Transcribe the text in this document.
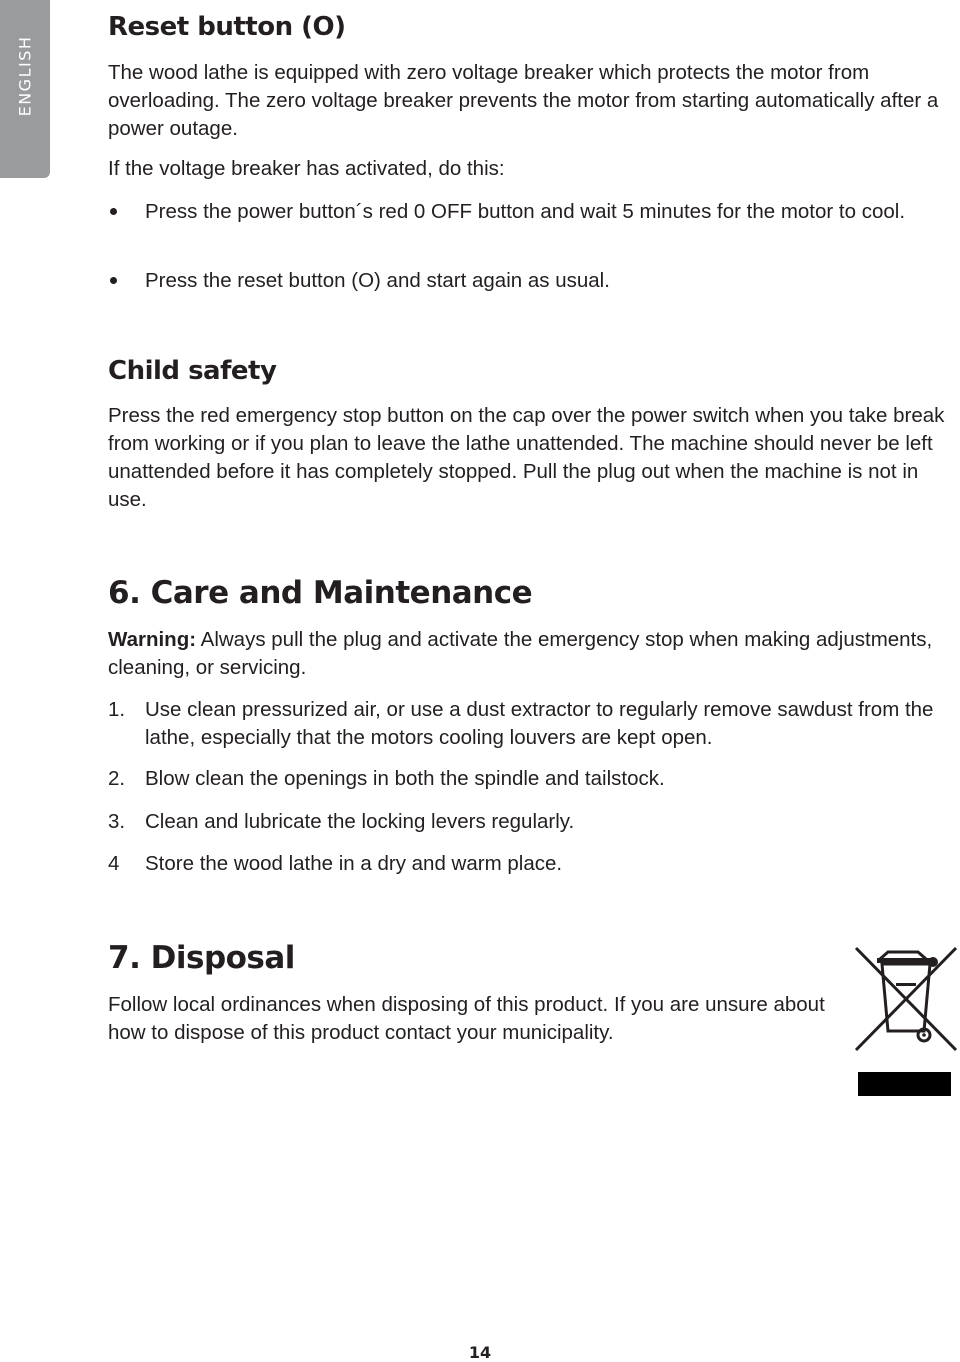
ENGLISH
Reset button (O)

The wood lathe is equipped with zero voltage breaker which protects the motor from overloading. The zero voltage breaker prevents the motor from starting automatically after a power outage.

If the voltage breaker has activated, do this:

Press the power button´s red 0 OFF button and wait 5 minutes for the motor to cool.
Press the reset button (O) and start again as usual.
Child safety

Press the red emergency stop button on the cap over the power switch when you take break from working or if you plan to leave the lathe unattended. The machine should never be left unattended before it has completely stopped. Pull the plug out when the machine is not in use.

6. Care and Maintenance

Warning: Always pull the plug and activate the emergency stop when making adjustments, cleaning, or servicing.

1. Use clean pressurized air, or use a dust extractor to regularly remove sawdust from the lathe, especially that the motors cooling louvers are kept open.
2. Blow clean the openings in both the spindle and tailstock.
3. Clean and lubricate the locking levers regularly.
4	Store the wood lathe in a dry and warm place.
7. Disposal

Follow local ordinances when disposing of this product. If you are unsure about how to dispose of this product contact your municipality.

14
